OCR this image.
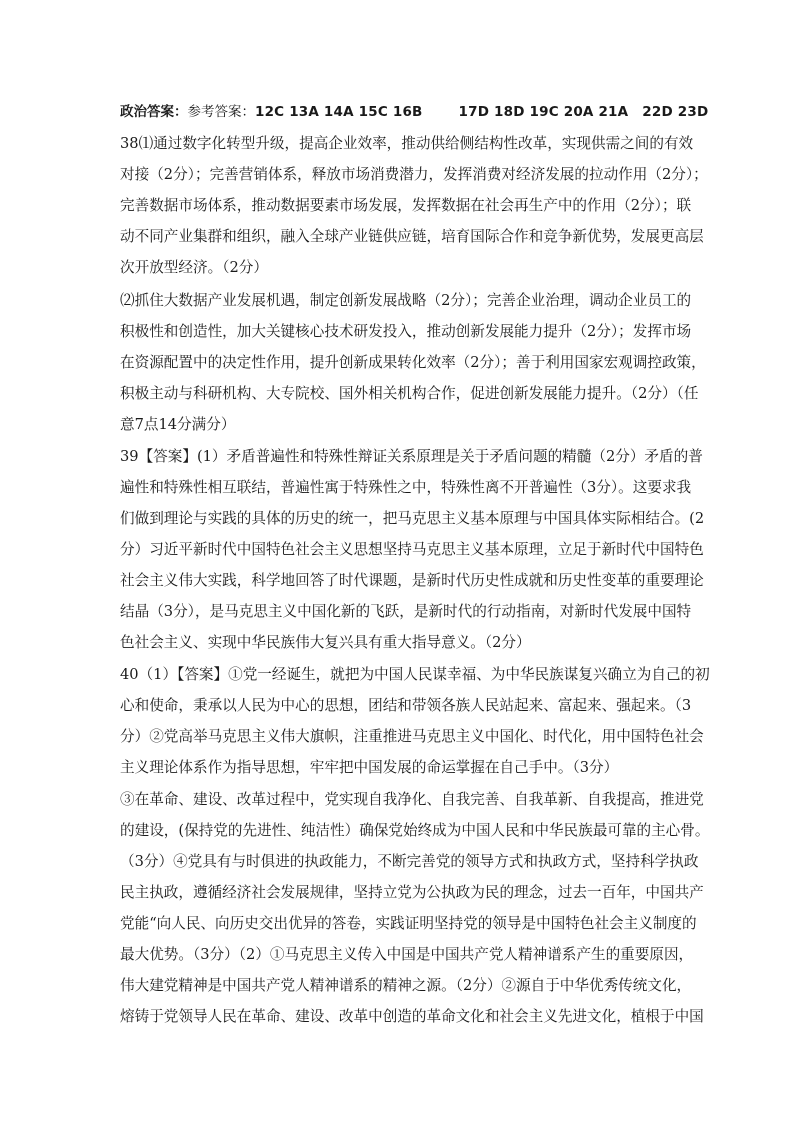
政治答案：参考答案：12C 13A 14A 15C 16B	17D 18D 19C 20A 21A 22D 23D
38⑴通过数字化转型升级，提高企业效率，推动供给侧结构性改革，实现供需之间的有效
对接（2分）；完善营销体系，释放市场消费潜力，发挥消费对经济发展的拉动作用（2分）；
完善数据市场体系，推动数据要素市场发展，发挥数据在社会再生产中的作用（2分）；联
动不同产业集群和组织，融入全球产业链供应链，培育国际合作和竞争新优势，发展更高层
次开放型经济。（2分）
⑵抓住大数据产业发展机遇，制定创新发展战略（2分）；完善企业治理，调动企业员工的
积极性和创造性，加大关键核心技术研发投入，推动创新发展能力提升（2分）；发挥市场
在资源配置中的决定性作用，提升创新成果转化效率（2分）；善于利用国家宏观调控政策，
积极主动与科研机构、大专院校、国外相关机构合作，促进创新发展能力提升。（2分）（任
意7点14分满分）
39【答案】(1）矛盾普遍性和特殊性辩证关系原理是关于矛盾问题的精髓（2分）矛盾的普
遍性和特殊性相互联结，普遍性寓于特殊性之中，特殊性离不开普遍性（3分）。这要求我
们做到理论与实践的具体的历史的统一，把马克思主义基本原理与中国具体实际相结合。(2
分）习近平新时代中国特色社会主义思想坚持马克思主义基本原理，立足于新时代中国特色
社会主义伟大实践，科学地回答了时代课题，是新时代历史性成就和历史性变革的重要理论
结晶（3分），是马克思主义中国化新的飞跃，是新时代的行动指南，对新时代发展中国特
色社会主义、实现中华民族伟大复兴具有重大指导意义。（2分）
40（1）【答案】①党一经诞生，就把为中国人民谋幸福、为中华民族谋复兴确立为自己的初
心和使命，秉承以人民为中心的思想，团结和带领各族人民站起来、富起来、强起来。（3
分）②党高举马克思主义伟大旗帜，注重推进马克思主义中国化、时代化，用中国特色社会
主义理论体系作为指导思想，牢牢把中国发展的命运掌握在自己手中。（3分）
③在革命、建设、改革过程中，党实现自我净化、自我完善、自我革新、自我提高，推进党
的建设，(保持党的先进性、纯洁性）确保党始终成为中国人民和中华民族最可靠的主心骨。
（3分）④党具有与时俱进的执政能力，不断完善党的领导方式和执政方式，坚持科学执政
民主执政，遵循经济社会发展规律，坚持立党为公执政为民的理念，过去一百年，中国共产
党能“向人民、向历史交出优异的答卷，实践证明坚持党的领导是中国特色社会主义制度的
最大优势。（3分）（2）①马克思主义传入中国是中国共产党人精神谱系产生的重要原因，
伟大建党精神是中国共产党人精神谱系的精神之源。（2分）②源自于中华优秀传统文化，
熔铸于党领导人民在革命、建设、改革中创造的革命文化和社会主义先进文化，植根于中国
